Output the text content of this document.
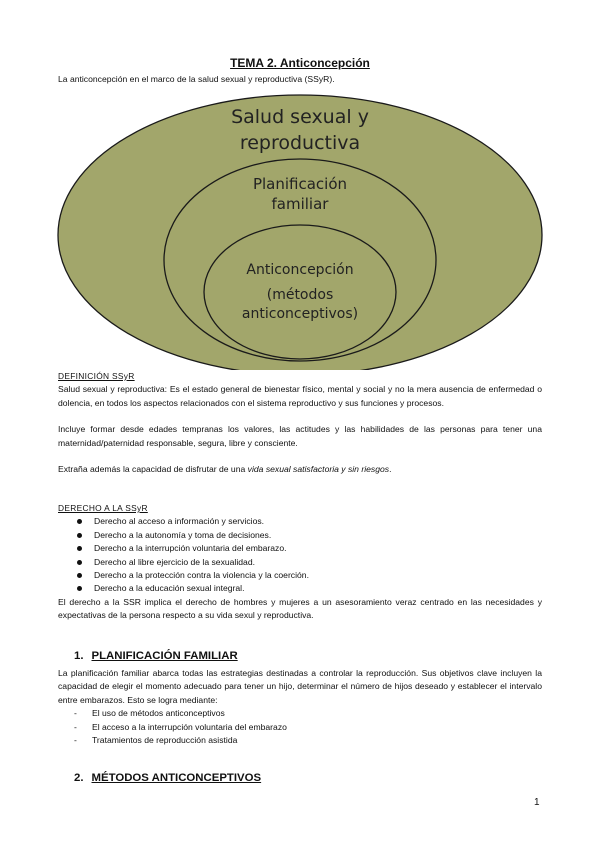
TEMA 2. Anticoncepción
La anticoncepción en el marco de la salud sexual y reproductiva (SSyR).
Salud sexual y
reproductiva
Planificación
familiar
Anticoncepción
(métodos
anticonceptivos)
DEFINICIÓN SSyR

Salud sexual y reproductiva: Es el estado general de bienestar físico, mental y social y no la mera ausencia de enfermedad o dolencia, en todos los aspectos relacionados con el sistema reproductivo y sus funciones y procesos.

Incluye formar desde edades tempranas los valores, las actitudes y las habilidades de las personas para tener una maternidad/paternidad responsable, segura, libre y consciente.

Extraña además la capacidad de disfrutar de una vida sexual satisfactoria y sin riesgos.

DERECHO A LA SSyR
Derecho al acceso a información y servicios.
Derecho a la autonomía y toma de decisiones.
Derecho a la interrupción voluntaria del embarazo.
Derecho al libre ejercicio de la sexualidad.
Derecho a la protección contra la violencia y la coerción.
Derecho a la educación sexual integral.

El derecho a la SSR implica el derecho de hombres y mujeres a un asesoramiento veraz centrado en las necesidades y expectativas de la persona respecto a su vida sexul y reproductiva.

1. PLANIFICACIÓN FAMILIAR

La planificación familiar abarca todas las estrategias destinadas a controlar la reproducción. Sus objetivos clave incluyen la capacidad de elegir el momento adecuado para tener un hijo, determinar el número de hijos deseado y establecer el intervalo entre embarazos. Esto se logra mediante:

- El uso de métodos anticonceptivos
- El acceso a la interrupción voluntaria del embarazo
- Tratamientos de reproducción asistida
2. MÉTODOS ANTICONCEPTIVOS
1
